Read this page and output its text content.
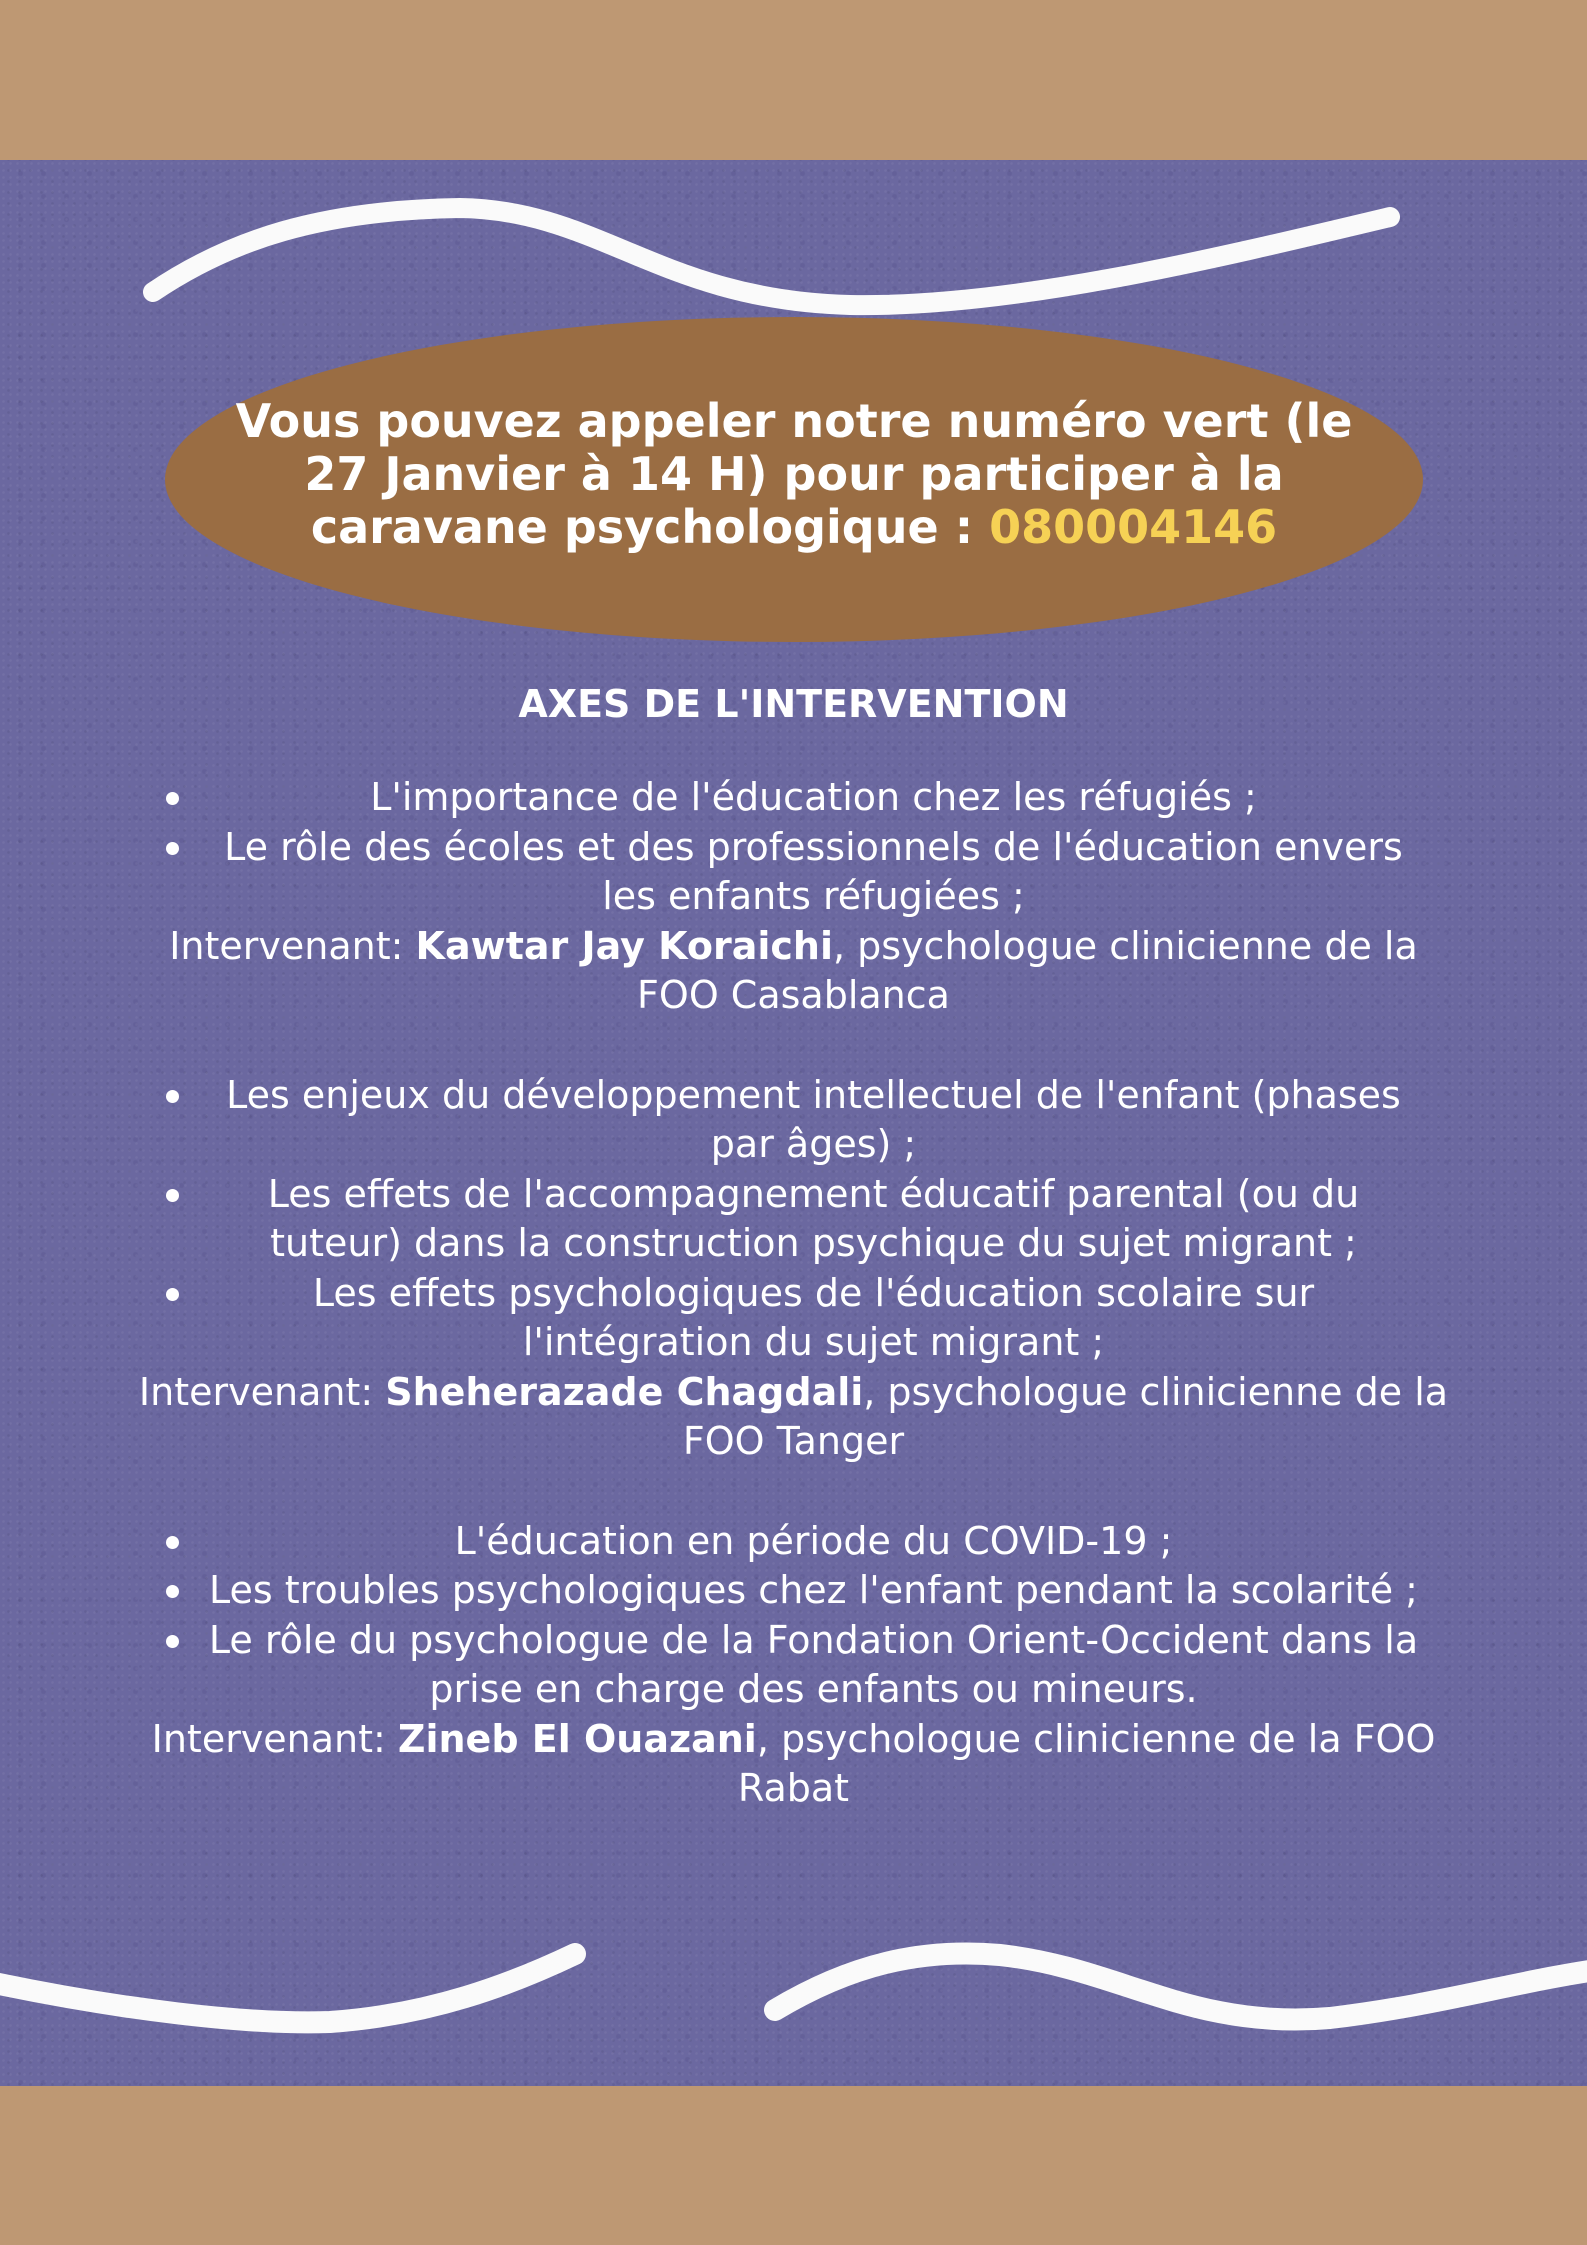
Vous pouvez appeler notre numéro vert (le 27 Janvier à 14 H) pour participer à la caravane psychologique : 080004146
AXES DE L'INTERVENTION
L'importance de l'éducation chez les réfugiés ;
Le rôle des écoles et des professionnels de l'éducation envers les enfants réfugiées ;
Intervenant: Kawtar Jay Koraichi, psychologue clinicienne de la FOO Casablanca
Les enjeux du développement intellectuel de l'enfant (phases par âges) ;
Les effets de l'accompagnement éducatif parental (ou du tuteur) dans la construction psychique du sujet migrant ;
Les effets psychologiques de l'éducation scolaire sur l'intégration du sujet migrant ;
Intervenant: Sheherazade Chagdali, psychologue clinicienne de la FOO Tanger
L'éducation en période du COVID-19 ;
Les troubles psychologiques chez l'enfant pendant la scolarité ;
Le rôle du psychologue de la Fondation Orient-Occident dans la prise en charge des enfants ou mineurs.
Intervenant: Zineb El Ouazani, psychologue clinicienne de la FOO Rabat
